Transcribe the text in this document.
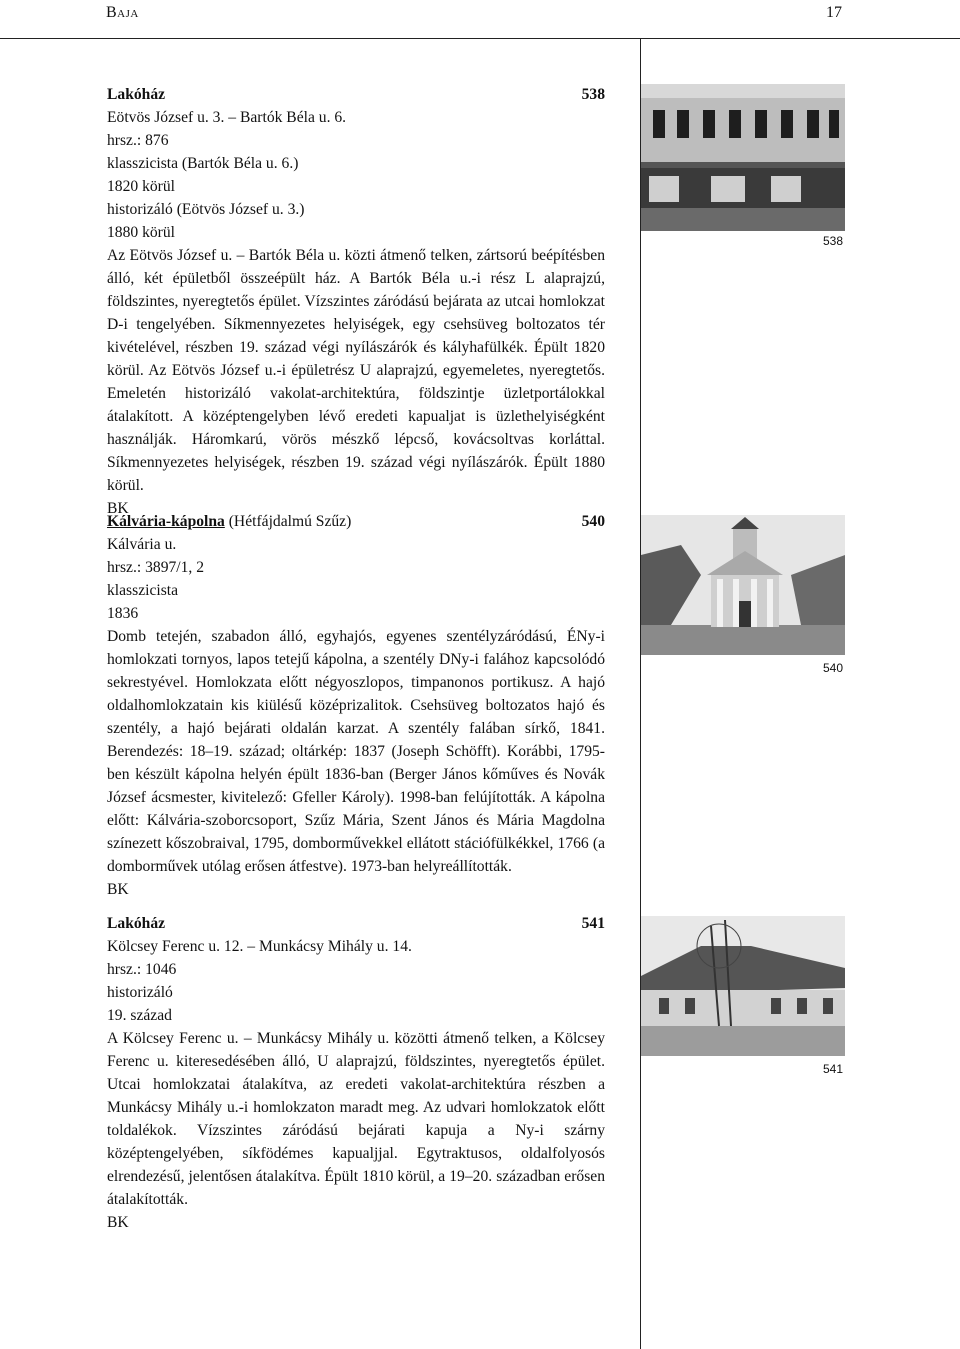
Baja	17
Lakóház	538

Eötvös József u. 3. – Bartók Béla u. 6.

hrsz.: 876

klasszicista (Bartók Béla u. 6.)

1820 körül

historizáló (Eötvös József u. 3.)

1880 körül

Az Eötvös József u. – Bartók Béla u. közti átmenő telken, zártsorú beépítésben álló, két épületből összeépült ház. A Bartók Béla u.-i rész L alaprajzú, földszintes, nyeregtetős épület. Vízszintes záródású bejárata az utcai homlokzat D-i tengelyében. Síkmennyezetes helyiségek, egy csehsüveg boltozatos tér kivételével, részben 19. század végi nyílászárók és kályhafülkék. Épült 1820 körül. Az Eötvös József u.-i épületrész U alaprajzú, egyemeletes, nyeregtetős. Emeletén historizáló vakolat-architektúra, földszintje üzletportálokkal átalakított. A középtengelyben lévő eredeti kapualjat is üzlethelyiségként használják. Háromkarú, vörös mészkő lépcső, kovácsoltvas korláttal. Síkmennyezetes helyiségek, részben 19. század végi nyílászárók. Épült 1880 körül.

BK

538
Kálvária-kápolna (Hétfájdalmú Szűz)	540

Kálvária u.

hrsz.: 3897/1, 2

klasszicista

1836

Domb tetején, szabadon álló, egyhajós, egyenes szentélyzáródású, ÉNy-i homlokzati tornyos, lapos tetejű kápolna, a szentély DNy-i falához kapcsolódó sekrestyével. Homlokzata előtt négyoszlopos, timpanonos portikusz. A hajó oldalhomlokzatain kis kiülésű középrizalitok. Csehsüveg boltozatos hajó és szentély, a hajó bejárati oldalán karzat. A szentély falában sírkő, 1841. Berendezés: 18–19. század; oltárkép: 1837 (Joseph Schöfft). Korábbi, 1795-ben készült kápolna helyén épült 1836-ban (Berger János kőműves és Novák József ácsmester, kivitelező: Gfeller Károly). 1998-ban felújították. A kápolna előtt: Kálvária-szoborcsoport, Szűz Mária, Szent János és Mária Magdolna színezett kőszobraival, 1795, domborművekkel ellátott stációfülkékkel, 1766 (a domborművek utólag erősen átfestve). 1973-ban helyreállították.

BK

540
Lakóház	541

Kölcsey Ferenc u. 12. – Munkácsy Mihály u. 14.

hrsz.: 1046

historizáló

19. század

A Kölcsey Ferenc u. – Munkácsy Mihály u. közötti átmenő telken, a Kölcsey Ferenc u. kiteresedésében álló, U alaprajzú, földszintes, nyeregtetős épület. Utcai homlokzatai átalakítva, az eredeti vakolat-architektúra részben a Munkácsy Mihály u.-i homlokzaton maradt meg. Az udvari homlokzatok előtt toldalékok. Vízszintes záródású bejárati kapuja a Ny-i szárny középtengelyében, síkfödémes kapualjjal. Egytraktusos, oldalfolyosós elrendezésű, jelentősen átalakítva. Épült 1810 körül, a 19–20. században erősen átalakították.

BK

541
